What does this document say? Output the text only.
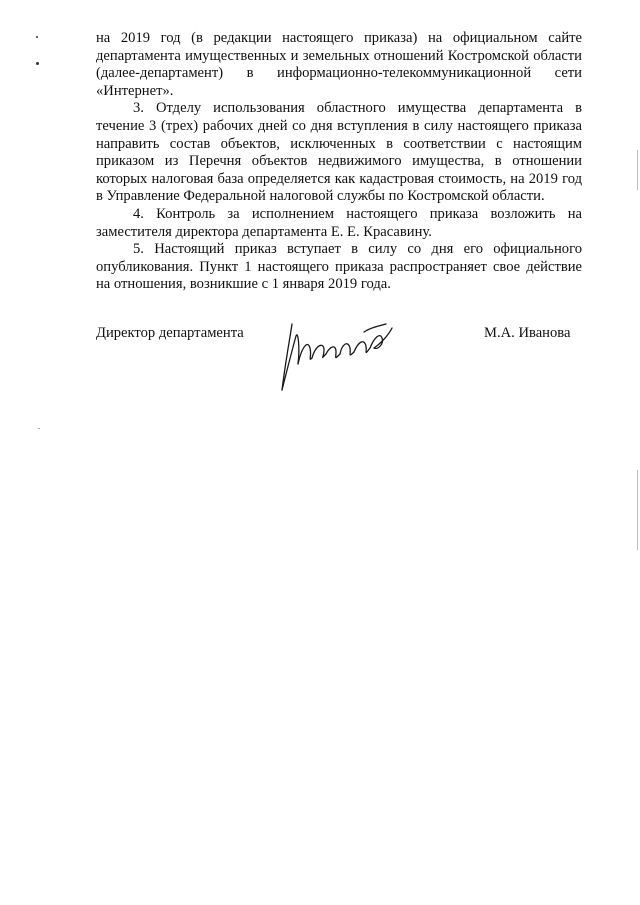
на 2019 год (в редакции настоящего приказа) на официальном сайте департамента имущественных и земельных отношений Костромской области (далее-департамент) в информационно-телекоммуникационной сети «Интернет».

3. Отделу использования областного имущества департамента в течение 3 (трех) рабочих дней со дня вступления в силу настоящего приказа направить состав объектов, исключенных в соответствии с настоящим приказом из Перечня объектов недвижимого имущества, в отношении которых налоговая база определяется как кадастровая стоимость, на 2019 год в Управление Федеральной налоговой службы по Костромской области.

4. Контроль за исполнением настоящего приказа возложить на заместителя директора департамента Е. Е. Красавину.

5. Настоящий приказ вступает в силу со дня его официального опубликования. Пункт 1 настоящего приказа распространяет свое действие на отношения, возникшие с 1 января 2019 года.

Директор департамента	М.А. Иванова
